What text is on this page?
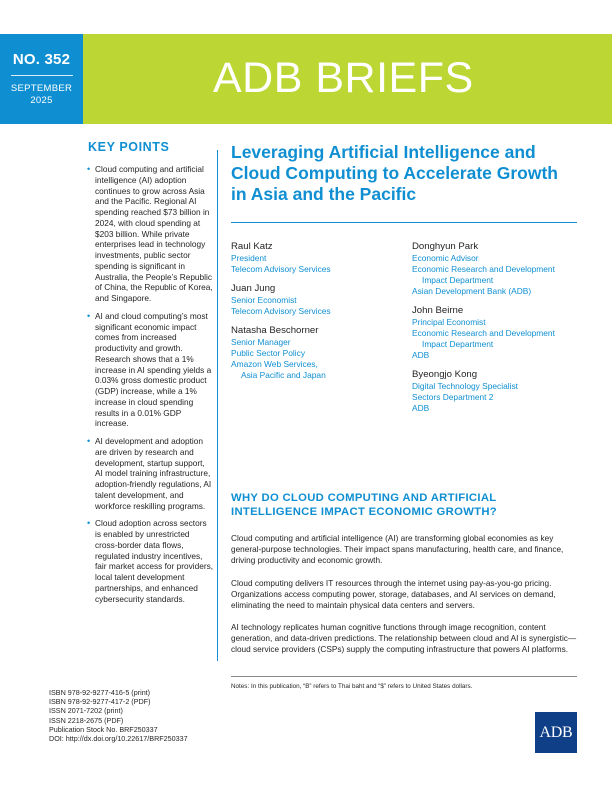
NO. 352
SEPTEMBER
2025	ADB BRIEFS
KEY POINTS
• Cloud computing and artificial intelligence (AI) adoption continues to grow across Asia and the Pacific. Regional AI spending reached $73 billion in 2024, with cloud spending at $203 billion. While private enterprises lead in technology investments, public sector spending is significant in Australia, the People’s Republic of China, the Republic of Korea, and Singapore.
• AI and cloud computing’s most significant economic impact comes from increased productivity and growth. Research shows that a 1% increase in AI spending yields a 0.03% gross domestic product (GDP) increase, while a 1% increase in cloud spending results in a 0.01% GDP increase.
• AI development and adoption are driven by research and development, startup support, AI model training infrastructure, adoption-friendly regulations, AI talent development, and workforce reskilling programs.
• Cloud adoption across sectors is enabled by unrestricted cross-border data flows, regulated industry incentives, fair market access for providers, local talent development partnerships, and enhanced cybersecurity standards.
ISBN 978-92-9277-416-5 (print)
ISBN 978-92-9277-417-2 (PDF)
ISSN 2071-7202 (print)
ISSN 2218-2675 (PDF)
Publication Stock No. BRF250337
DOI: http://dx.doi.org/10.22617/BRF250337
Leveraging Artificial Intelligence and Cloud Computing to Accelerate Growth in Asia and the Pacific
Raul Katz
President
Telecom Advisory Services
Juan Jung
Senior Economist
Telecom Advisory Services
Natasha Beschorner
Senior Manager
Public Sector Policy
Amazon Web Services,
Asia Pacific and Japan
Donghyun Park
Economic Advisor
Economic Research and Development
Impact Department
Asian Development Bank (ADB)
John Beirne
Principal Economist
Economic Research and Development
Impact Department
ADB
Byeongjo Kong
Digital Technology Specialist
Sectors Department 2
ADB
WHY DO CLOUD COMPUTING AND ARTIFICIAL INTELLIGENCE IMPACT ECONOMIC GROWTH?
Cloud computing and artificial intelligence (AI) are transforming global economies as key general-purpose technologies. Their impact spans manufacturing, health care, and finance, driving productivity and economic growth.
Cloud computing delivers IT resources through the internet using pay-as-you-go pricing. Organizations access computing power, storage, databases, and AI services on demand, eliminating the need to maintain physical data centers and servers.
AI technology replicates human cognitive functions through image recognition, content generation, and data-driven predictions. The relationship between cloud and AI is synergistic—cloud service providers (CSPs) supply the computing infrastructure that powers AI platforms.
Notes: In this publication, “B” refers to Thai baht and “$” refers to United States dollars.
ADB
